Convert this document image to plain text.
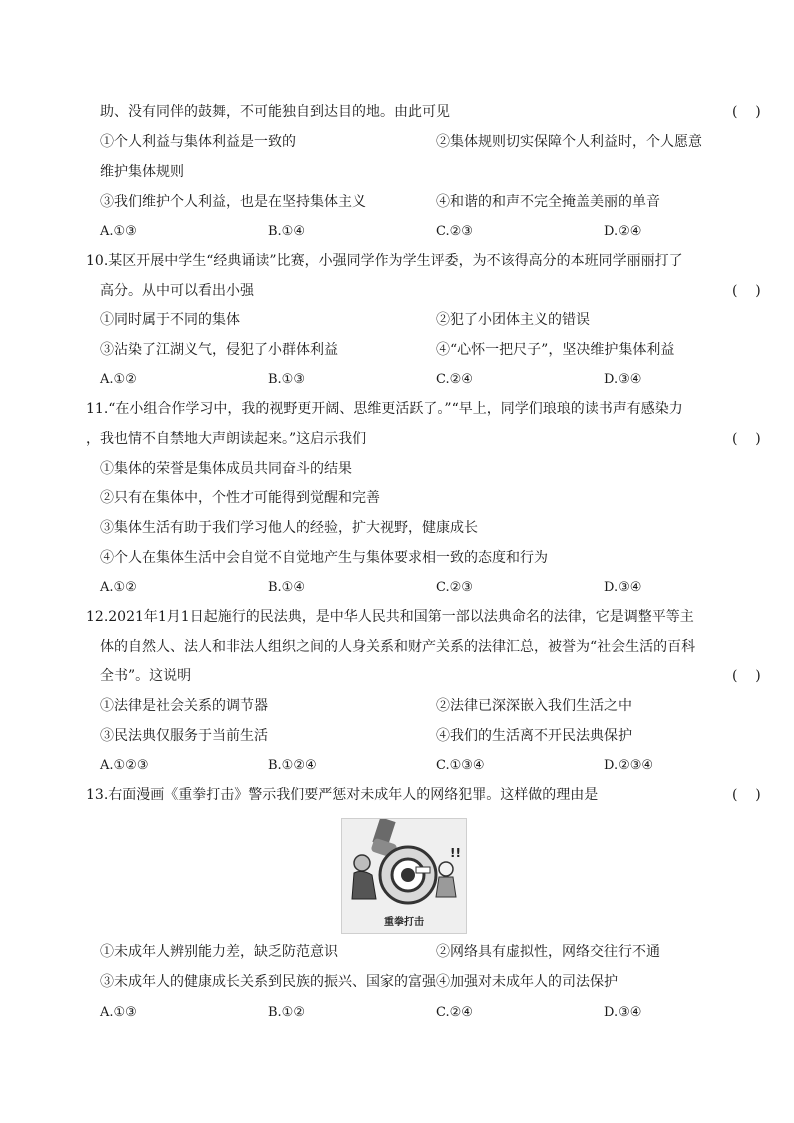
助、没有同伴的鼓舞，不可能独自到达目的地。由此可见	(    )
①个人利益与集体利益是一致的	②集体规则切实保障个人利益时，个人愿意
维护集体规则
③我们维护个人利益，也是在坚持集体主义	④和谐的和声不完全掩盖美丽的单音
A.①③	B.①④	C.②③	D.②④
10.某区开展中学生“经典诵读”比赛，小强同学作为学生评委，为不该得高分的本班同学丽丽打了
高分。从中可以看出小强	(    )
①同时属于不同的集体	②犯了小团体主义的错误
③沾染了江湖义气，侵犯了小群体利益	④“心怀一把尺子”，坚决维护集体利益
A.①②	B.①③	C.②④	D.③④
11.“在小组合作学习中，我的视野更开阔、思维更活跃了。”“早上，同学们琅琅的读书声有感染力
，我也情不自禁地大声朗读起来。”这启示我们	(    )
①集体的荣誉是集体成员共同奋斗的结果
②只有在集体中，个性才可能得到觉醒和完善
③集体生活有助于我们学习他人的经验，扩大视野，健康成长
④个人在集体生活中会自觉不自觉地产生与集体要求相一致的态度和行为
A.①②	B.①④	C.②③	D.③④
12.2021年1月1日起施行的民法典，是中华人民共和国第一部以法典命名的法律，它是调整平等主
体的自然人、法人和非法人组织之间的人身关系和财产关系的法律汇总，被誉为“社会生活的百科
全书”。这说明	(    )
①法律是社会关系的调节器	②法律已深深嵌入我们生活之中
③民法典仅服务于当前生活	④我们的生活离不开民法典保护
A.①②③	B.①②④	C.①③④	D.②③④
13.右面漫画《重拳打击》警示我们要严惩对未成年人的网络犯罪。这样做的理由是	(    )
!!
重拳打击
①未成年人辨别能力差，缺乏防范意识	②网络具有虚拟性，网络交往行不通
③未成年人的健康成长关系到民族的振兴、国家的富强 ④加强对未成年人的司法保护
A.①③	B.①②	C.②④	D.③④
